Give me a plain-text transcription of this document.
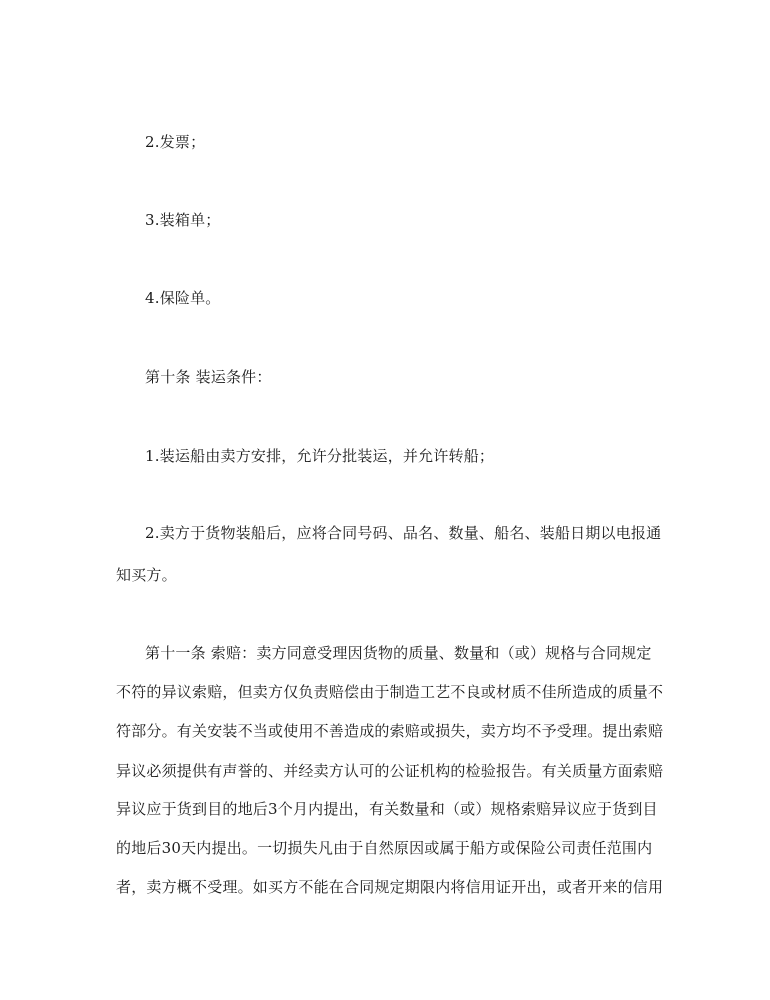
2.发票；
3.装箱单；
4.保险单。
第十条 装运条件：
1.装运船由卖方安排，允许分批装运，并允许转船；
2.卖方于货物装船后，应将合同号码、品名、数量、船名、装船日期以电报通
知买方。
第十一条 索赔：卖方同意受理因货物的质量、数量和（或）规格与合同规定
不符的异议索赔，但卖方仅负责赔偿由于制造工艺不良或材质不佳所造成的质量不
符部分。有关安装不当或使用不善造成的索赔或损失，卖方均不予受理。提出索赔
异议必须提供有声誉的、并经卖方认可的公证机构的检验报告。有关质量方面索赔
异议应于货到目的地后3个月内提出，有关数量和（或）规格索赔异议应于货到目
的地后30天内提出。一切损失凡由于自然原因或属于船方或保险公司责任范围内
者，卖方概不受理。如买方不能在合同规定期限内将信用证开出，或者开来的信用
